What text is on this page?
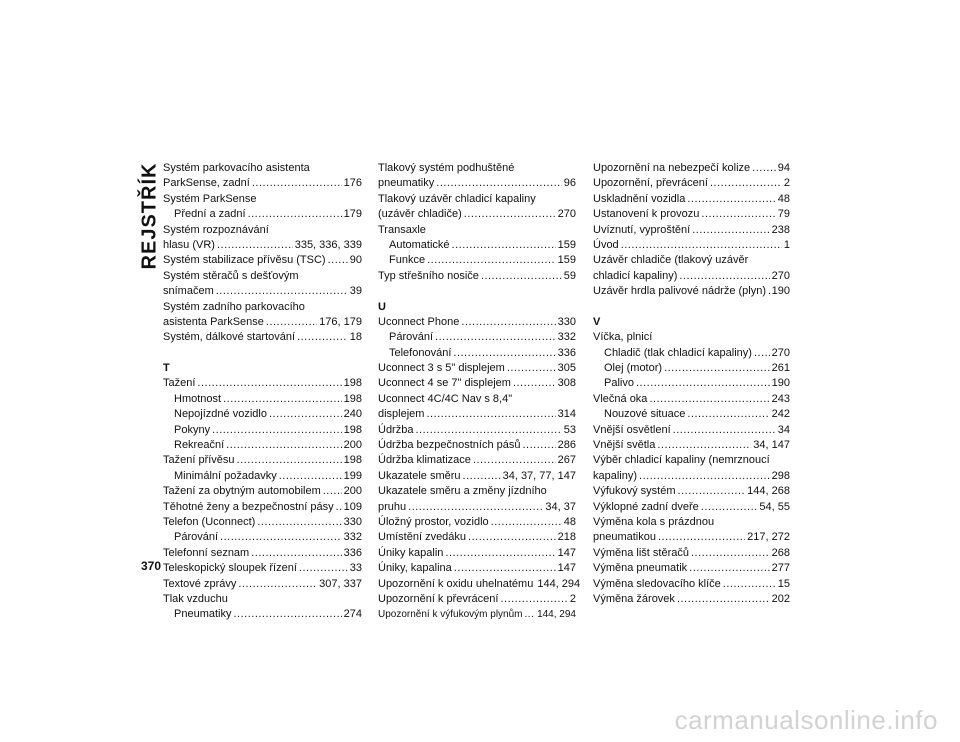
REJSTŘÍK Systém parkovacího asistenta
ParkSense, zadní .....	176
Systém ParkSense
Přední a zadní .....	179
Systém rozpoznávání
hlasu (VR) .....	335, 336, 339
Systém stabilizace přívěsu (TSC) ..... 90
Systém stěračů s dešťovým
snímačem .....	39
Systém zadního parkovacího
asistenta ParkSense .....	176, 179
Systém, dálkové startování .....	18
T
Tažení .....	198
Hmotnost .....	198
Nepojízdné vozidlo .....	240
Pokyny .....	198
Rekreační .....	200
Tažení přívěsu .....	198
Minimální požadavky .....	199
Tažení za obytným automobilem ..... 200
Těhotné ženy a bezpečnostní pásy ..... 109
Telefon (Uconnect) .....	330
Párování .....	332
Telefonní seznam .....	336
Teleskopický sloupek řízení .....	33
Textové zprávy .....	307, 337
Tlak vzduchu
Pneumatiky .....	274
Tlakový systém podhuštěné
pneumatiky .....	96
Tlakový uzávěr chladicí kapaliny
(uzávěr chladiče) .....	270
Transaxle
Automatické .....	159
Funkce .....	159
Typ střešního nosiče .....	59
U
Uconnect Phone .....	330
Párování .....	332
Telefonování .....	336
Uconnect 3 s 5" displejem .....	305
Uconnect 4 se 7" displejem .....	308
Uconnect 4C/4C Nav s 8,4"
displejem .....	314
Údržba .....	53
Údržba bezpečnostních pásů .....	286
Údržba klimatizace .....	267
Ukazatele směru .....	34, 37, 77, 147
Ukazatele směru a změny jízdního
pruhu .....	34, 37
Úložný prostor, vozidlo .....	48
Umístění zvedáku .....	218
Úniky kapalin .....	147
Úniky, kapalina .....	147
Upozornění k oxidu uhelnatému 144, 294
Upozornění k převrácení .....	2
Upozornění k výfukovým plynům ..... 144, 294
Upozornění na nebezpečí kolize .....	94
Upozornění, převrácení .....	2
Uskladnění vozidla .....	48
Ustanovení k provozu .....	79
Uvíznutí, vyproštění .....	238
Úvod .....	1
Uzávěr chladiče (tlakový uzávěr
chladicí kapaliny) .....	270
Uzávěr hrdla palivové nádrže (plyn) ..... 190
V
Víčka, plnicí
Chladič (tlak chladicí kapaliny) ..... 270
Olej (motor) .....	261
Palivo .....	190
Vlečná oka .....	243
Nouzové situace .....	242
Vnější osvětlení .....	34
Vnější světla .....	34, 147
Výběr chladicí kapaliny (nemrznoucí
kapaliny) .....	298
Výfukový systém .....	144, 268
Výklopné zadní dveře .....	54, 55
Výměna kola s prázdnou
pneumatikou .....	217, 272
Výměna lišt stěračů .....	268
Výměna pneumatik .....	277
Výměna sledovacího klíče .....	15
Výměna žárovek .....	202
370
carmanualsonline.info
